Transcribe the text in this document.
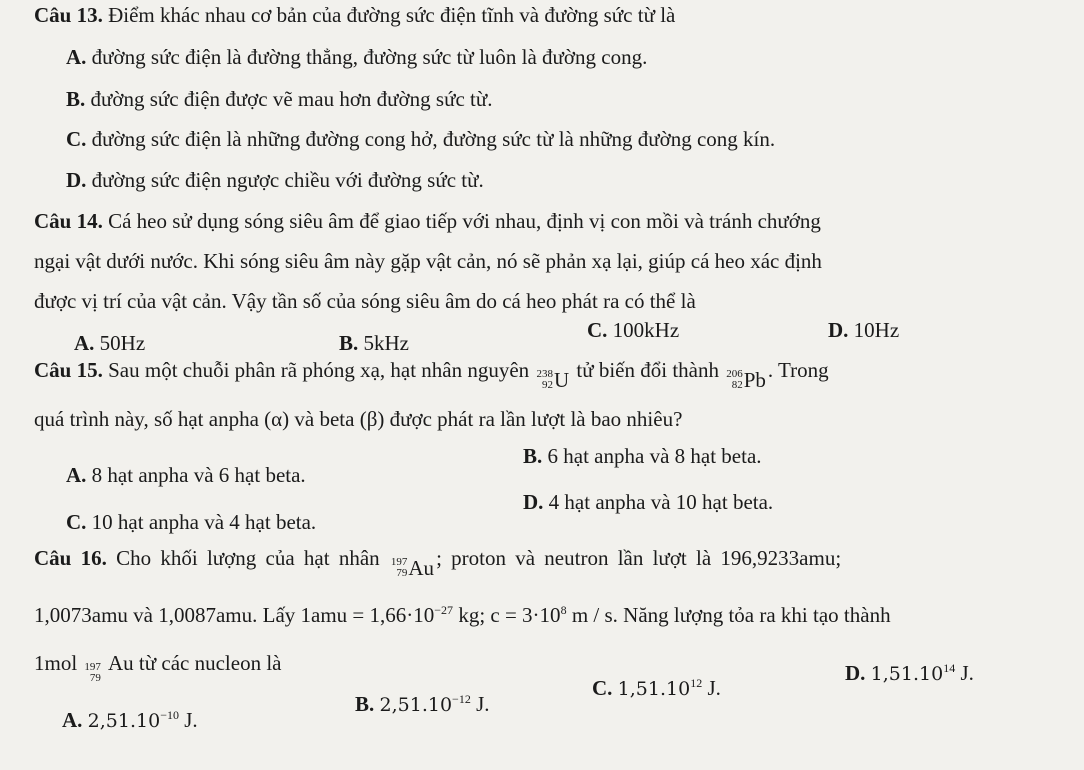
Câu 13. Điểm khác nhau cơ bản của đường sức điện tĩnh và đường sức từ là
A. đường sức điện là đường thẳng, đường sức từ luôn là đường cong.
B. đường sức điện được vẽ mau hơn đường sức từ.
C. đường sức điện là những đường cong hở, đường sức từ là những đường cong kín.
D. đường sức điện ngược chiều với đường sức từ.
Câu 14. Cá heo sử dụng sóng siêu âm để giao tiếp với nhau, định vị con mồi và tránh chướng
ngại vật dưới nước. Khi sóng siêu âm này gặp vật cản, nó sẽ phản xạ lại, giúp cá heo xác định
được vị trí của vật cản. Vậy tần số của sóng siêu âm do cá heo phát ra có thể là
A. 50Hz	B. 5kHz
C. 100kHz	D. 10Hz
Câu 15. Sau một chuỗi phân rã phóng xạ, hạt nhân nguyên 238
92 U tử biến đổi thành 206
82 Pb . Trong
quá trình này, số hạt anpha (α) và beta (β) được phát ra lần lượt là bao nhiêu?
A. 8 hạt anpha và 6 hạt beta.
B. 6 hạt anpha và 8 hạt beta.
C. 10 hạt anpha và 4 hạt beta.
D. 4 hạt anpha và 10 hạt beta.
Câu 16. Cho khối lượng của hạt nhân 197
79 Au ; proton và neutron lần lượt là 196,9233amu;
1,0073amu và 1,0087amu. Lấy $1amu = 1,66\cdot 10^{-27}$ kg; $c = 3\cdot 10^8$ m / s. Năng lượng tỏa ra khi tạo thành
1mol 197
79
Au từ các nucleon là
A. $2,51.10^{-10}$ J.
B. $2,51.10^{-12}$ J.
C. 1,51.10$^{12}$ J.
D. 1,51.10$^{14}$ J.
